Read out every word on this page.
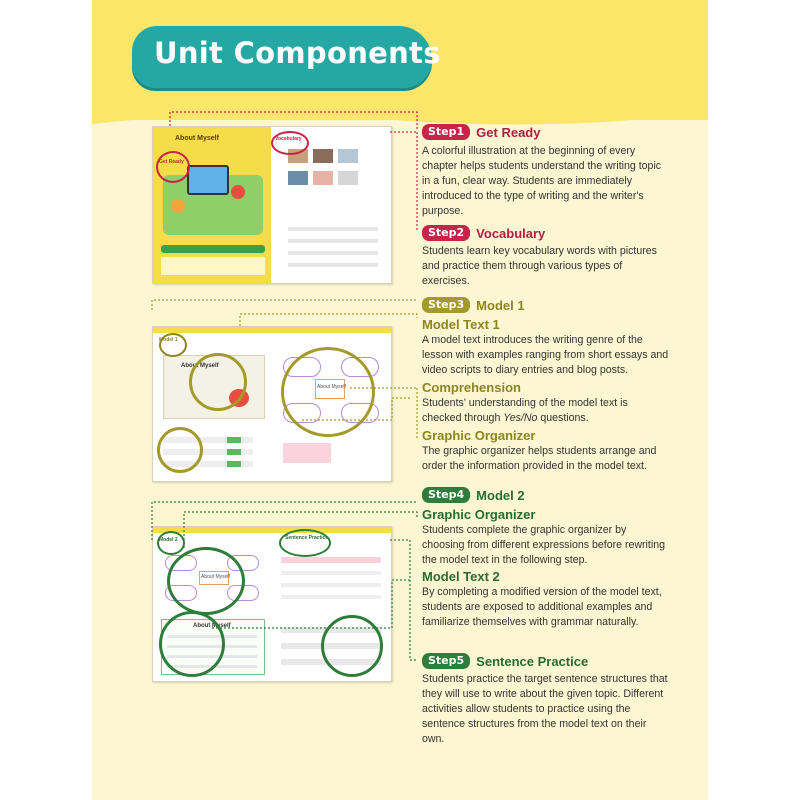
Unit Components
About Myself
Get Ready
Vocabulary
Model 1
About Myself
About Myself
Model 2	Sentence Practice
About Myself
About Myself
Step1 Get Ready
A colorful illustration at the beginning of every chapter helps students understand the writing topic in a fun, clear way. Students are immediately introduced to the type of writing and the writer's purpose.
Step2 Vocabulary
Students learn key vocabulary words with pictures and practice them through various types of exercises.
Step3 Model 1
Model Text 1
A model text introduces the writing genre of the lesson with examples ranging from short essays and video scripts to diary entries and blog posts.
Comprehension
Students' understanding of the model text is checked through Yes/No questions.
Graphic Organizer
The graphic organizer helps students arrange and order the information provided in the model text.
Step4 Model 2
Graphic Organizer
Students complete the graphic organizer by choosing from different expressions before rewriting the model text in the following step.
Model Text 2
By completing a modified version of the model text, students are exposed to additional examples and familiarize themselves with grammar naturally.
Step5 Sentence Practice
Students practice the target sentence structures that they will use to write about the given topic. Different activities allow students to practice using the sentence structures from the model text on their own.
